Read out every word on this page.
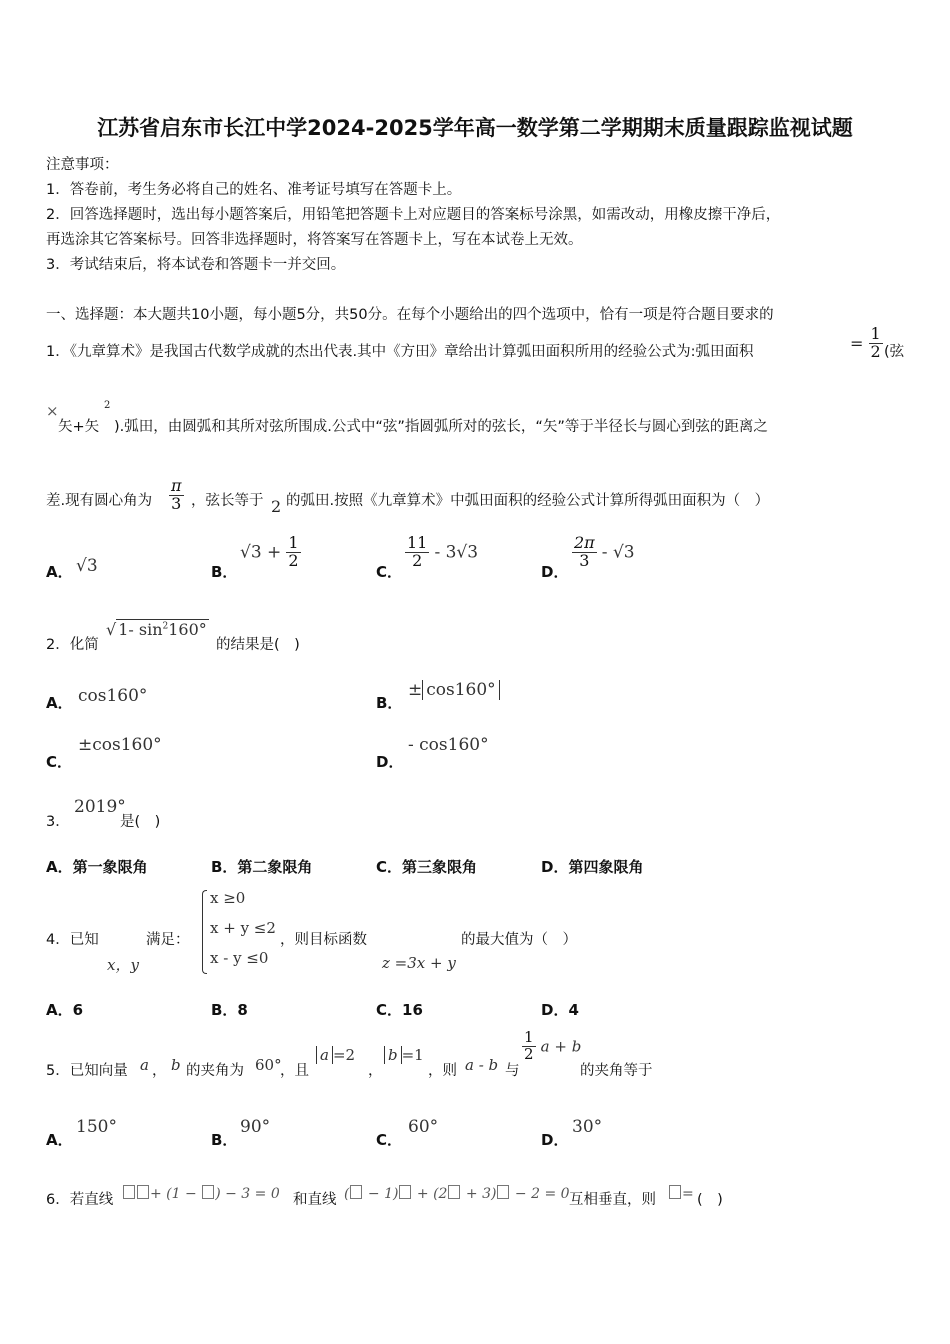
江苏省启东市长江中学2024-2025学年高一数学第二学期期末质量跟踪监视试题
注意事项：
1．答卷前，考生务必将自己的姓名、准考证号填写在答题卡上。
2．回答选择题时，选出每小题答案后，用铅笔把答题卡上对应题目的答案标号涂黑，如需改动，用橡皮擦干净后，
再选涂其它答案标号。回答非选择题时，将答案写在答题卡上，写在本试卷上无效。
3．考试结束后，将本试卷和答题卡一并交回。
一、选择题：本大题共10小题，每小题5分，共50分。在每个小题给出的四个选项中，恰有一项是符合题目要求的
1．《九章算术》是我国古代数学成就的杰出代表.其中《方田》章给出计算弧田面积所用的经验公式为:弧田面积	= $\frac{1}{2}$ (弦
×
矢+矢
2
).弧田，由圆弧和其所对弦所围成.公式中“弦”指圆弧所对的弦长，“矢”等于半径长与圆心到弦的距离之
差.现有圆心角为 $\frac{\pi}{3}$ ，弦长等于 2 的弧田.按照《九章算术》中弧田面积的经验公式计算所得弧田面积为（　）
A． √3	B．
$√3 + \frac{1}{2}$
C．
$\frac{11}{2} - 3√3$
D．
$\frac{2\pi}{3} - √3$
2．化简
√ 1- $\sin^2160^\circ$
的结果是(　)
A． cos160°	B．
± cos160°
C．
±cos160°
D．
- cos160°
3．
2019°
是(　)
A．第一象限角	B．第二象限角	C．第三象限角	D．第四象限角
4．已知	满足：
x，y
x ≥0
x + y ≤2
x - y ≤0
，则目标函数
z =3x + y
的最大值为（　）
A．6	B．8	C．16	D．4
5．已知向量 a ， b 的夹角为 60°
，且
a =2
，
b =1
，则 a - b 与
$\frac{1}{2}$ a + b
的夹角等于
A．
150°
B．
90°
C．
60°
D．
30°
6．若直线	+ (1 − ) − 3 = 0 和直线 ( − 1) + (2 + 3) − 2 = 0 互相垂直，则	= (　)
